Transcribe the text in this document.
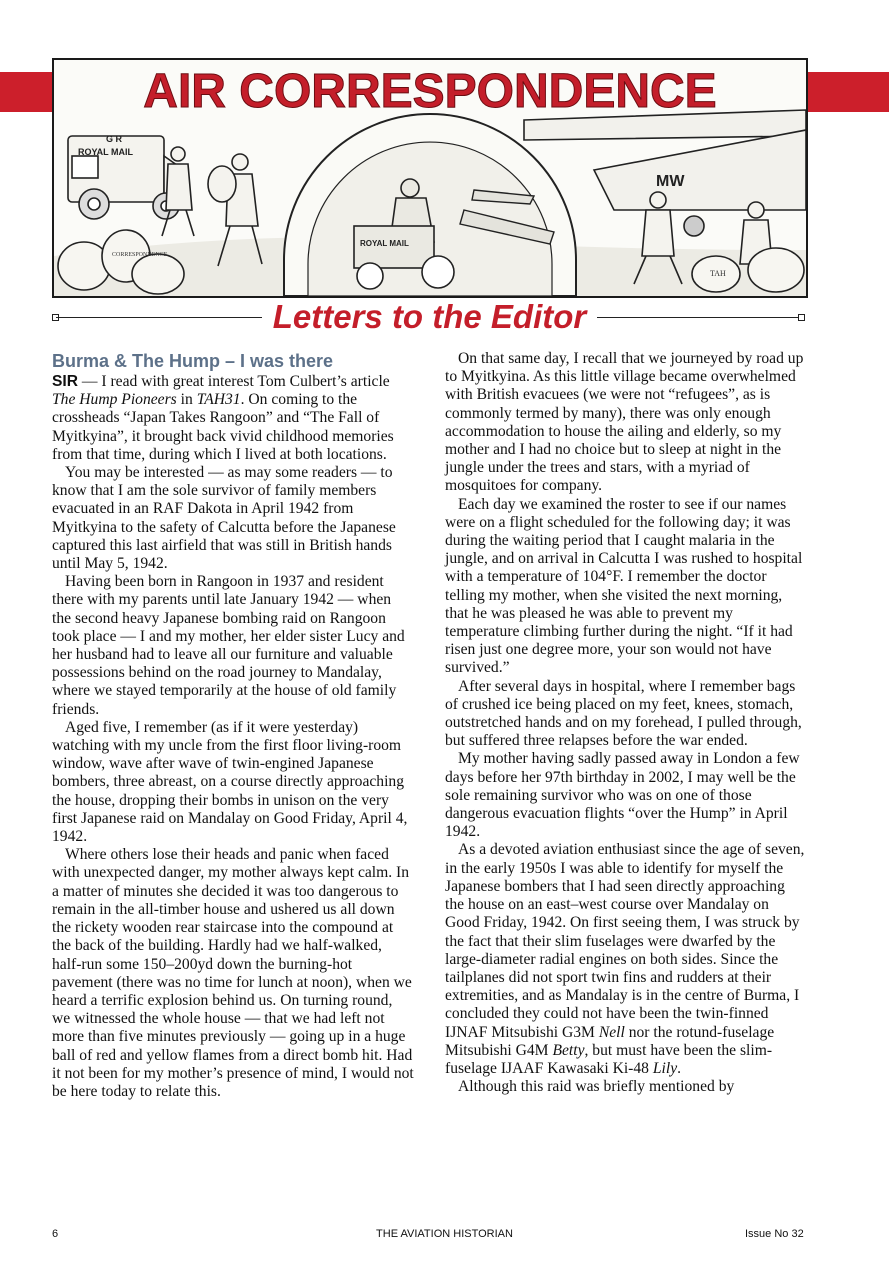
G R
ROYAL MAIL
CORRESPONDENCE
ROYAL MAIL
MW
TAH
AIR CORRESPONDENCE
Letters to the Editor
Burma & The Hump – I was there

SIR — I read with great interest Tom Culbert’s article The Hump Pioneers in TAH31. On coming to the crossheads “Japan Takes Rangoon” and “The Fall of Myitkyina”, it brought back vivid childhood memories from that time, during which I lived at both locations.

You may be interested — as may some readers — to know that I am the sole survivor of family members evacuated in an RAF Dakota in April 1942 from Myitkyina to the safety of Calcutta before the Japanese captured this last airfield that was still in British hands until May 5, 1942.

Having been born in Rangoon in 1937 and resident there with my parents until late January 1942 — when the second heavy Japanese bombing raid on Rangoon took place — I and my mother, her elder sister Lucy and her husband had to leave all our furniture and valuable possessions behind on the road journey to Mandalay, where we stayed temporarily at the house of old family friends.

Aged five, I remember (as if it were yesterday) watching with my uncle from the first floor living-room window, wave after wave of twin-engined Japanese bombers, three abreast, on a course directly approaching the house, dropping their bombs in unison on the very first Japanese raid on Mandalay on Good Friday, April 4, 1942.

Where others lose their heads and panic when faced with unexpected danger, my mother always kept calm. In a matter of minutes she decided it was too dangerous to remain in the all-timber house and ushered us all down the rickety wooden rear staircase into the compound at the back of the building. Hardly had we half-walked, half-run some 150–200yd down the burning-hot pavement (there was no time for lunch at noon), when we heard a terrific explosion behind us. On turning round, we witnessed the whole house — that we had left not more than five minutes previously — going up in a huge ball of red and yellow flames from a direct bomb hit. Had it not been for my mother’s presence of mind, I would not be here today to relate this.

On that same day, I recall that we journeyed by road up to Myitkyina. As this little village became overwhelmed with British evacuees (we were not “refugees”, as is commonly termed by many), there was only enough accommodation to house the ailing and elderly, so my mother and I had no choice but to sleep at night in the jungle under the trees and stars, with a myriad of mosquitoes for company.

Each day we examined the roster to see if our names were on a flight scheduled for the following day; it was during the waiting period that I caught malaria in the jungle, and on arrival in Calcutta I was rushed to hospital with a temperature of 104°F. I remember the doctor telling my mother, when she visited the next morning, that he was pleased he was able to prevent my temperature climbing further during the night. “If it had risen just one degree more, your son would not have survived.”

After several days in hospital, where I remember bags of crushed ice being placed on my feet, knees, stomach, outstretched hands and on my forehead, I pulled through, but suffered three relapses before the war ended.

My mother having sadly passed away in London a few days before her 97th birthday in 2002, I may well be the sole remaining survivor who was on one of those dangerous evacuation flights “over the Hump” in April 1942.

As a devoted aviation enthusiast since the age of seven, in the early 1950s I was able to identify for myself the Japanese bombers that I had seen directly approaching the house on an east–west course over Mandalay on Good Friday, 1942. On first seeing them, I was struck by the fact that their slim fuselages were dwarfed by the large-diameter radial engines on both sides. Since the tailplanes did not sport twin fins and rudders at their extremities, and as Mandalay is in the centre of Burma, I concluded they could not have been the twin-finned IJNAF Mitsubishi G3M Nell nor the rotund-fuselage Mitsubishi G4M Betty, but must have been the slim-fuselage IJAAF Kawasaki Ki-48 Lily.

Although this raid was briefly mentioned by

6	THE AVIATION HISTORIAN	Issue No 32
